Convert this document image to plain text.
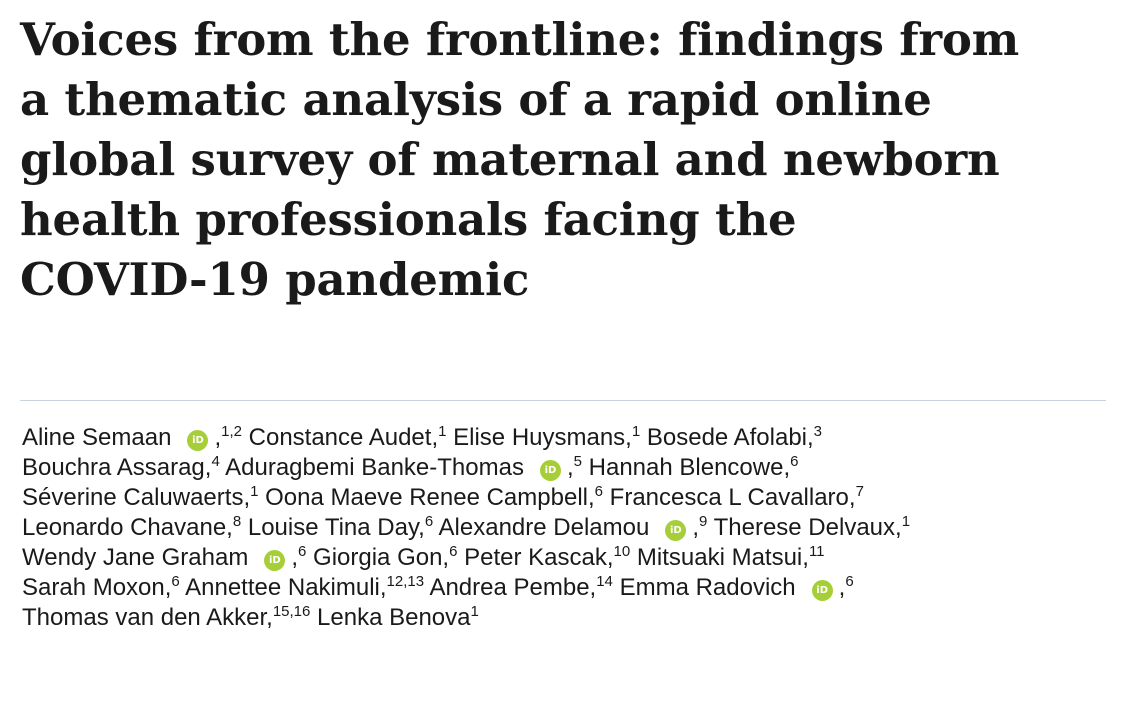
Voices from the frontline: findings from
a thematic analysis of a rapid online
global survey of maternal and newborn
health professionals facing the
COVID-19 pandemic
Aline Semaan iD ,$^{1,2}$ Constance Audet,$^1$ Elise Huysmans,$^1$ Bosede Afolabi,$^3$
Bouchra Assarag,$^4$ Aduragbemi Banke-Thomas iD ,$^5$ Hannah Blencowe,$^6$
Séverine Caluwaerts,$^1$ Oona Maeve Renee Campbell,$^6$ Francesca L Cavallaro,$^7$
Leonardo Chavane,$^8$ Louise Tina Day,$^6$ Alexandre Delamou iD ,$^9$ Therese Delvaux,$^1$
Wendy Jane Graham iD ,$^6$ Giorgia Gon,$^6$ Peter Kascak,$^{10}$ Mitsuaki Matsui,$^{11}$
Sarah Moxon,$^6$ Annettee Nakimuli,$^{12,13}$ Andrea Pembe,$^{14}$ Emma Radovich iD ,$^6$
Thomas van den Akker,$^{15,16}$ Lenka Benova$^1$
